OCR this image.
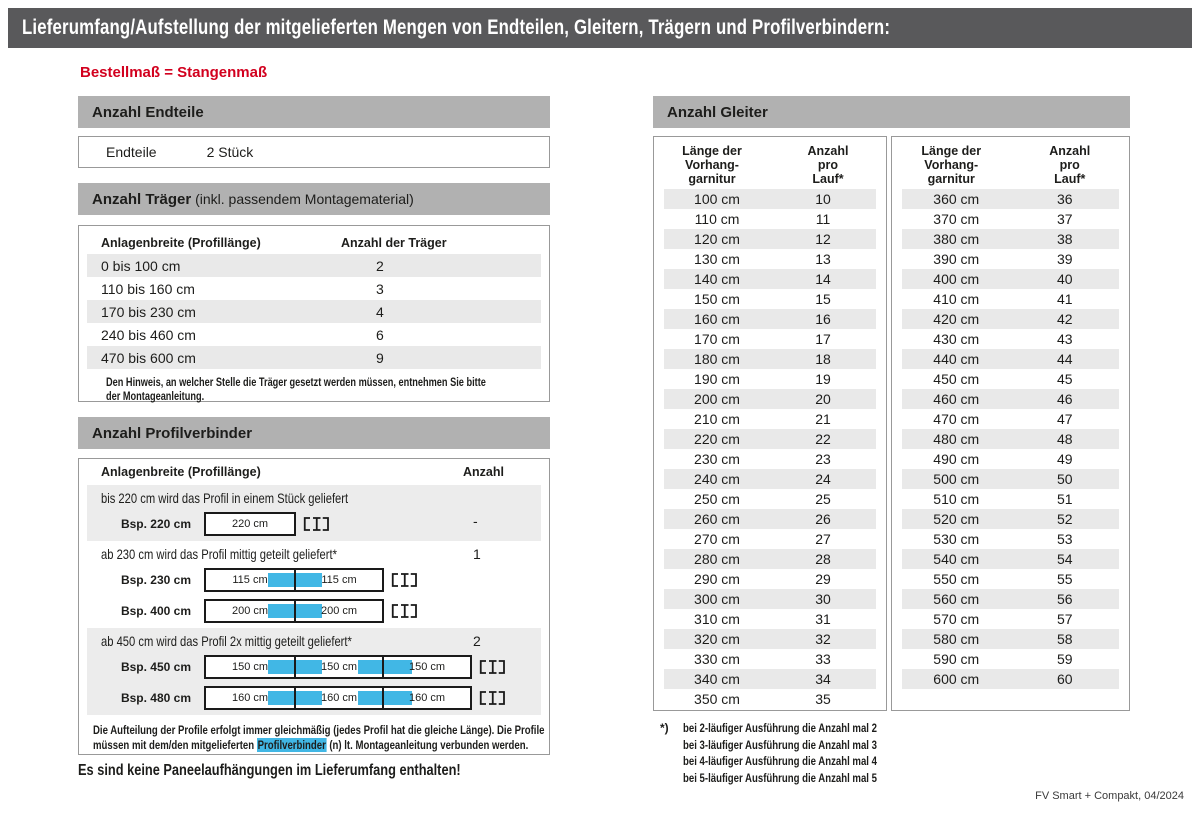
Lieferumfang/Aufstellung der mitgelieferten Mengen von Endteilen, Gleitern, Trägern und Profilverbindern:
Bestellmaß = Stangenmaß
Anzahl Endteile
Endteile	2 Stück
Anzahl Träger (inkl. passendem Montagematerial)
Anlagenbreite (Profillänge)	Anzahl der Träger
0 bis 100 cm	2
110 bis 160 cm	3
170 bis 230 cm	4
240 bis 460 cm	6
470 bis 600 cm	9
Den Hinweis, an welcher Stelle die Träger gesetzt werden müssen, entnehmen Sie bitte
der Montageanleitung.
Anzahl Profilverbinder
Anlagenbreite (Profillänge)	Anzahl
bis 220 cm wird das Profil in einem Stück geliefert
-
Bsp. 220 cm	220 cm
ab 230 cm wird das Profil mittig geteilt geliefert*	1
Bsp. 230 cm	115 cm	115 cm
Bsp. 400 cm	200 cm	200 cm
ab 450 cm wird das Profil 2x mittig geteilt geliefert*	2
Bsp. 450 cm	150 cm	150 cm	150 cm
Bsp. 480 cm	160 cm	160 cm	160 cm
Die Aufteilung der Profile erfolgt immer gleichmäßig (jedes Profil hat die gleiche Länge). Die Profile
müssen mit dem/den mitgelieferten Profilverbinder (n) lt. Montageanleitung verbunden werden.
Es sind keine Paneelaufhängungen im Lieferumfang enthalten!
Anzahl Gleiter
Länge der
Vorhang-
garnitur
Anzahl
pro
Lauf*
100 cm	10
110 cm	11
120 cm	12
130 cm	13
140 cm	14
150 cm	15
160 cm	16
170 cm	17
180 cm	18
190 cm	19
200 cm	20
210 cm	21
220 cm	22
230 cm	23
240 cm	24
250 cm	25
260 cm	26
270 cm	27
280 cm	28
290 cm	29
300 cm	30
310 cm	31
320 cm	32
330 cm	33
340 cm	34
350 cm	35
Länge der
Vorhang-
garnitur
Anzahl
pro
Lauf*
360 cm	36
370 cm	37
380 cm	38
390 cm	39
400 cm	40
410 cm	41
420 cm	42
430 cm	43
440 cm	44
450 cm	45
460 cm	46
470 cm	47
480 cm	48
490 cm	49
500 cm	50
510 cm	51
520 cm	52
530 cm	53
540 cm	54
550 cm	55
560 cm	56
570 cm	57
580 cm	58
590 cm	59
600 cm	60
*)	bei 2-läufiger Ausführung die Anzahl mal 2
bei 3-läufiger Ausführung die Anzahl mal 3
bei 4-läufiger Ausführung die Anzahl mal 4
bei 5-läufiger Ausführung die Anzahl mal 5
FV Smart + Compakt, 04/2024
